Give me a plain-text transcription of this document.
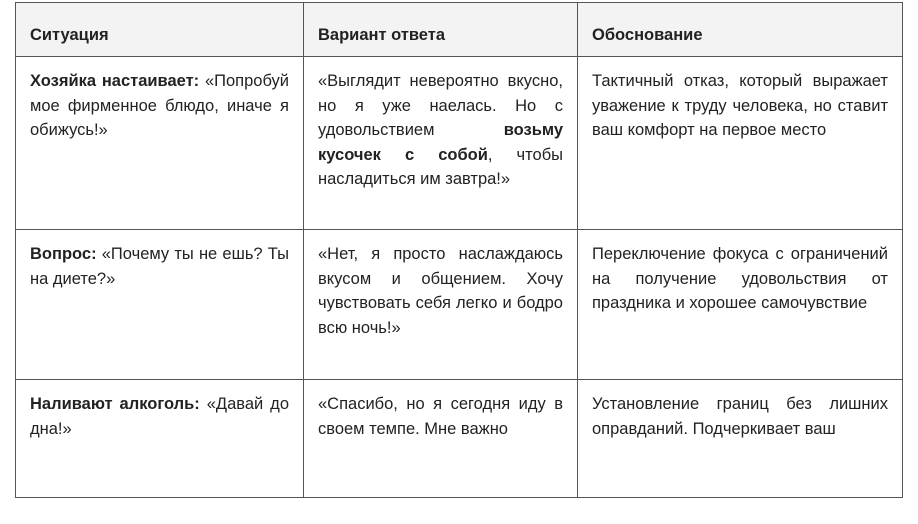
Ситуация	Вариант ответа	Обоснование
Хозяйка настаивает: «Попробуй мое фирменное блюдо, иначе я обижусь!»	«Выглядит невероятно вкусно, но я уже наелась. Но с удовольствием возьму кусочек с собой, чтобы насладиться им завтра!»	Тактичный отказ, который выражает уважение к труду человека, но ставит ваш комфорт на первое место
Вопрос: «Почему ты не ешь? Ты на диете?»	«Нет, я просто наслаждаюсь вкусом и общением. Хочу чувствовать себя легко и бодро всю ночь!»	Переключение фокуса с ограничений на получение удовольствия от праздника и хорошее самочувствие
Наливают алкоголь: «Давай до дна!»	«Спасибо, но я сегодня иду в своем темпе. Мне важно	Установление границ без лишних оправданий. Подчеркивает ваш
